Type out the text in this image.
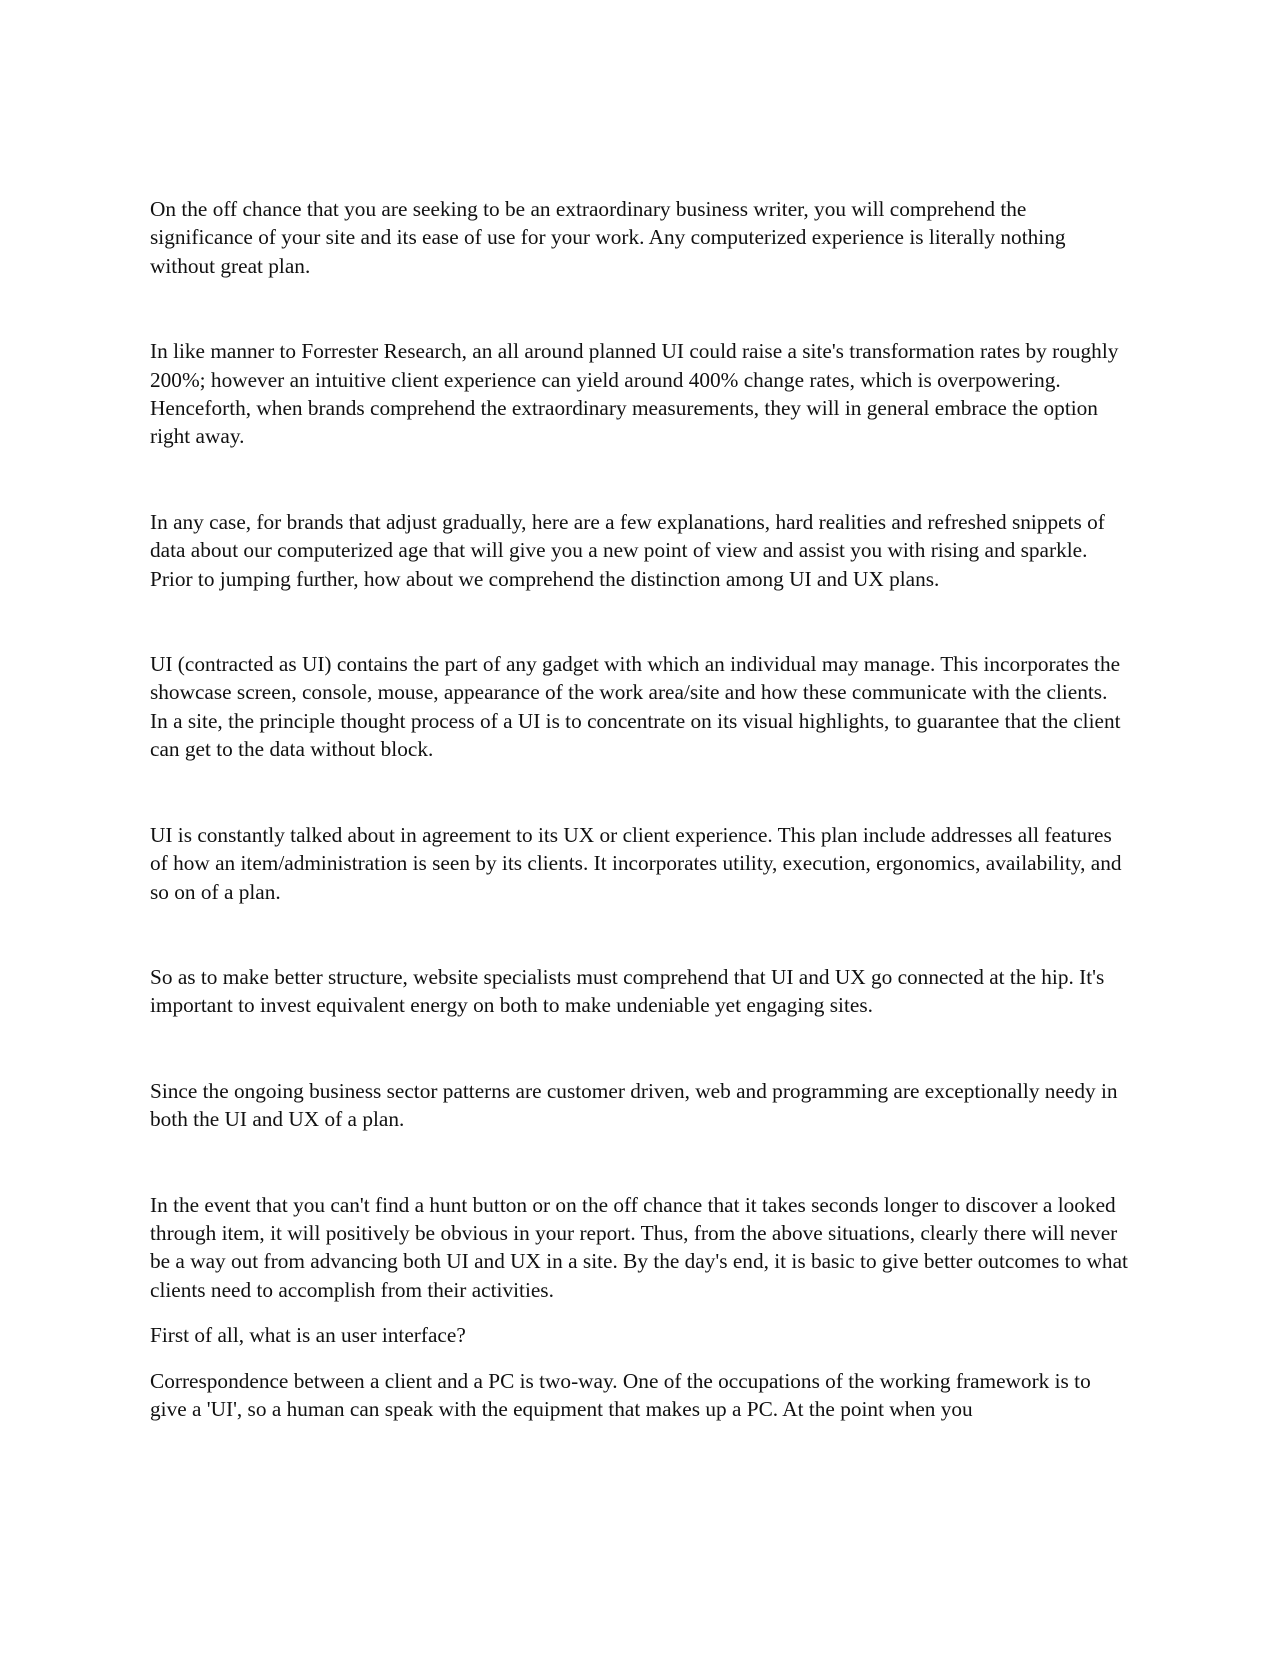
On the off chance that you are seeking to be an extraordinary business writer, you will comprehend the significance of your site and its ease of use for your work. Any computerized experience is literally nothing without great plan.

In like manner to Forrester Research, an all around planned UI could raise a site's transformation rates by roughly 200%; however an intuitive client experience can yield around 400% change rates, which is overpowering. Henceforth, when brands comprehend the extraordinary measurements, they will in general embrace the option right away.

In any case, for brands that adjust gradually, here are a few explanations, hard realities and refreshed snippets of data about our computerized age that will give you a new point of view and assist you with rising and sparkle. Prior to jumping further, how about we comprehend the distinction among UI and UX plans.

UI (contracted as UI) contains the part of any gadget with which an individual may manage. This incorporates the showcase screen, console, mouse, appearance of the work area/site and how these communicate with the clients. In a site, the principle thought process of a UI is to concentrate on its visual highlights, to guarantee that the client can get to the data without block.

UI is constantly talked about in agreement to its UX or client experience. This plan include addresses all features of how an item/administration is seen by its clients. It incorporates utility, execution, ergonomics, availability, and so on of a plan.

So as to make better structure, website specialists must comprehend that UI and UX go connected at the hip. It's important to invest equivalent energy on both to make undeniable yet engaging sites.

Since the ongoing business sector patterns are customer driven, web and programming are exceptionally needy in both the UI and UX of a plan.

In the event that you can't find a hunt button or on the off chance that it takes seconds longer to discover a looked through item, it will positively be obvious in your report. Thus, from the above situations, clearly there will never be a way out from advancing both UI and UX in a site. By the day's end, it is basic to give better outcomes to what clients need to accomplish from their activities.

First of all, what is an user interface?

Correspondence between a client and a PC is two-way. One of the occupations of the working framework is to give a 'UI', so a human can speak with the equipment that makes up a PC. At the point when you
